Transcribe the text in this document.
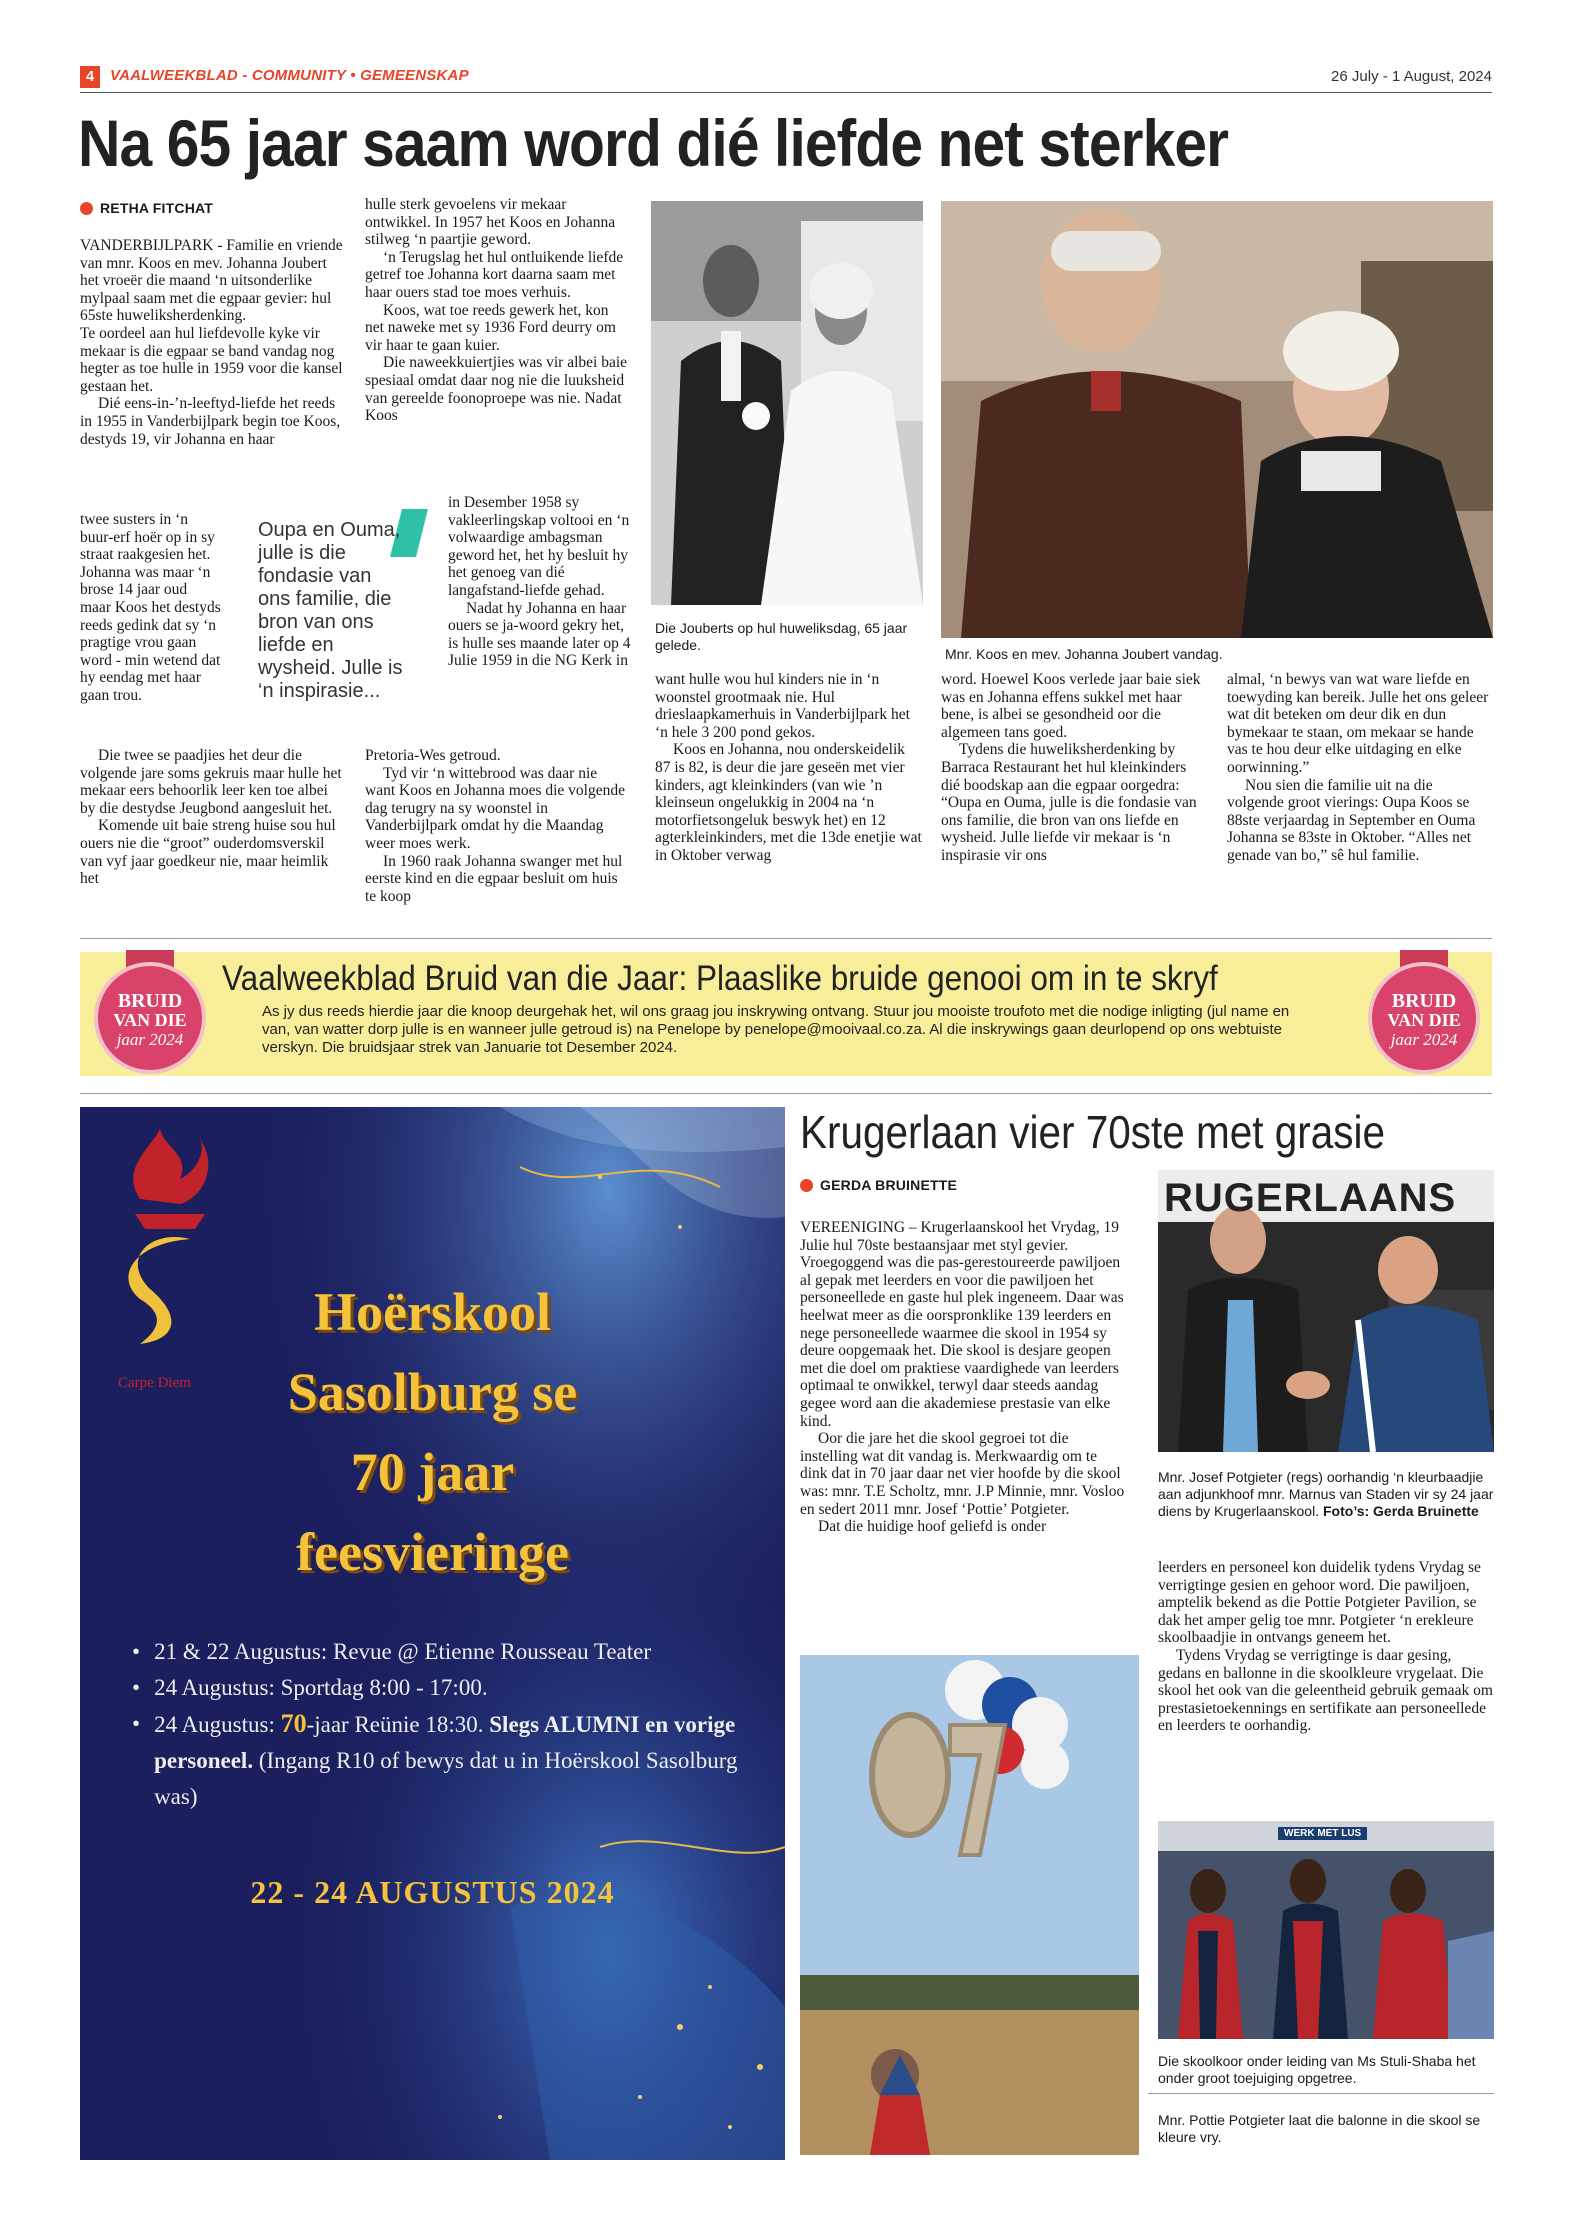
4	VAALWEEKBLAD - COMMUNITY • GEMEENSKAP	26 July - 1 August, 2024
Na 65 jaar saam word dié liefde net sterker
RETHA FITCHAT

VANDERBIJLPARK - Familie en vriende van mnr. Koos en mev. Johanna Joubert het vroeër die maand ‘n uitsonderlike mylpaal saam met die egpaar gevier: hul 65ste huweliksherdenking.

Te oordeel aan hul liefdevolle kyke vir mekaar is die egpaar se band vandag nog hegter as toe hulle in 1959 voor die kansel gestaan het.

Dié eens-in-’n-leeftyd-liefde het reeds in 1955 in Vanderbijlpark begin toe Koos, destyds 19, vir Johanna en haar

twee susters in ‘n buur-erf hoër op in sy straat raakgesien het. Johanna was maar ‘n brose 14 jaar oud maar Koos het destyds reeds gedink dat sy ‘n pragtige vrou gaan word - min wetend dat hy eendag met haar gaan trou.

Die twee se paadjies het deur die volgende jare soms gekruis maar hulle het mekaar eers behoorlik leer ken toe albei by die destydse Jeugbond aangesluit het.

Komende uit baie streng huise sou hul ouers nie die “groot” ouderdomsverskil van vyf jaar goedkeur nie, maar heimlik het

Oupa en Ouma, julle is die fondasie van ons familie, die bron van ons liefde en wysheid. Julle is ‘n inspirasie...

hulle sterk gevoelens vir mekaar ontwikkel. In 1957 het Koos en Johanna stilweg ‘n paartjie geword.

‘n Terugslag het hul ontluikende liefde getref toe Johanna kort daarna saam met haar ouers stad toe moes verhuis.

Koos, wat toe reeds gewerk het, kon net naweke met sy 1936 Ford deurry om vir haar te gaan kuier.

Die naweekkuiertjies was vir albei baie spesiaal omdat daar nog nie die luuksheid van gereelde foonoproepe was nie. Nadat Koos

in Desember 1958 sy vakleerlingskap voltooi en ‘n volwaardige ambagsman geword het, het hy besluit hy het genoeg van dié langafstand-liefde gehad.

Nadat hy Johanna en haar ouers se ja-woord gekry het, is hulle ses maande later op 4 Julie 1959 in die NG Kerk in

Pretoria-Wes getroud.

Tyd vir ‘n wittebrood was daar nie want Koos en Johanna moes die volgende dag terugry na sy woonstel in Vanderbijlpark omdat hy die Maandag weer moes werk.

In 1960 raak Johanna swanger met hul eerste kind en die egpaar besluit om huis te koop

Die Jouberts op hul huweliksdag, 65 jaar gelede.
Mnr. Koos en mev. Johanna Joubert vandag.

want hulle wou hul kinders nie in ‘n woonstel grootmaak nie. Hul drieslaapkamerhuis in Vanderbijlpark het ‘n hele 3 200 pond gekos.

Koos en Johanna, nou onderskeidelik 87 is 82, is deur die jare geseën met vier kinders, agt kleinkinders (van wie ’n kleinseun ongelukkig in 2004 na ‘n motorfietsongeluk beswyk het) en 12 agterkleinkinders, met die 13de enetjie wat in Oktober verwag

word. Hoewel Koos verlede jaar baie siek was en Johanna effens sukkel met haar bene, is albei se gesondheid oor die algemeen tans goed.

Tydens die huweliksherdenking by Barraca Restaurant het hul kleinkinders dié boodskap aan die egpaar oorgedra: “Oupa en Ouma, julle is die fondasie van ons familie, die bron van ons liefde en wysheid. Julle liefde vir mekaar is ‘n inspirasie vir ons

almal, ‘n bewys van wat ware liefde en toewyding kan bereik. Julle het ons geleer wat dit beteken om deur dik en dun bymekaar te staan, om mekaar se hande vas te hou deur elke uitdaging en elke oorwinning.”

Nou sien die familie uit na die volgende groot vierings: Oupa Koos se 88ste verjaardag in September en Ouma Johanna se 83ste in Oktober. “Alles net genade van bo,” sê hul familie.

BRUID
VAN DIE
jaar 2024
Vaalweekblad Bruid van die Jaar: Plaaslike bruide genooi om in te skryf
As jy dus reeds hierdie jaar die knoop deurgehak het, wil ons graag jou inskrywing ontvang. Stuur jou mooiste troufoto met die nodige inligting (jul name en van, van watter dorp julle is en wanneer julle getroud is) na Penelope by penelope@mooivaal.co.za. Al die inskrywings gaan deurlopend op ons webtuiste verskyn. Die bruidsjaar strek van Januarie tot Desember 2024.
BRUID
VAN DIE
jaar 2024
Carpe Diem
Hoërskool
Sasolburg se
70 jaar
feesvieringe
• 21 & 22 Augustus: Revue @ Etienne Rousseau Teater
• 24 Augustus: Sportdag 8:00 - 17:00.
• 24 Augustus: 70-jaar Reünie 18:30. Slegs ALUMNI en vorige personeel. (Ingang R10 of bewys dat u in Hoërskool Sasolburg was)
22 - 24 AUGUSTUS 2024
Krugerlaan vier 70ste met grasie
GERDA BRUINETTE

VEREENIGING – Krugerlaanskool het Vrydag, 19 Julie hul 70ste bestaansjaar met styl gevier. Vroegoggend was die pas-gerestoureerde pawiljoen al gepak met leerders en voor die pawiljoen het personeellede en gaste hul plek ingeneem. Daar was heelwat meer as die oorspronklike 139 leerders en nege personeellede waarmee die skool in 1954 sy deure oopgemaak het. Die skool is desjare geopen met die doel om praktiese vaardighede van leerders optimaal te onwikkel, terwyl daar steeds aandag gegee word aan die akademiese prestasie van elke kind.

Oor die jare het die skool gegroei tot die instelling wat dit vandag is. Merkwaardig om te dink dat in 70 jaar daar net vier hoofde by die skool was: mnr. T.E Scholtz, mnr. J.P Minnie, mnr. Vosloo en sedert 2011 mnr. Josef ‘Pottie’ Potgieter.

Dat die huidige hoof geliefd is onder

RUGERLAANS
Mnr. Josef Potgieter (regs) oorhandig ‘n kleurbaadjie aan adjunkhoof mnr. Marnus van Staden vir sy 24 jaar diens by Krugerlaanskool. Foto’s: Gerda Bruinette

leerders en personeel kon duidelik tydens Vrydag se verrigtinge gesien en gehoor word. Die pawiljoen, amptelik bekend as die Pottie Potgieter Pavilion, se dak het amper gelig toe mnr. Potgieter ‘n erekleure skoolbaadjie in ontvangs geneem het.

Tydens Vrydag se verrigtinge is daar gesing, gedans en ballonne in die skoolkleure vrygelaat. Die skool het ook van die geleentheid gebruik gemaak om prestasietoekennings en sertifikate aan personeellede en leerders te oorhandig.

WERK MET LUS
Die skoolkoor onder leiding van Ms Stuli-Shaba het onder groot toejuiging opgetree.
Mnr. Pottie Potgieter laat die balonne in die skool se kleure vry.
